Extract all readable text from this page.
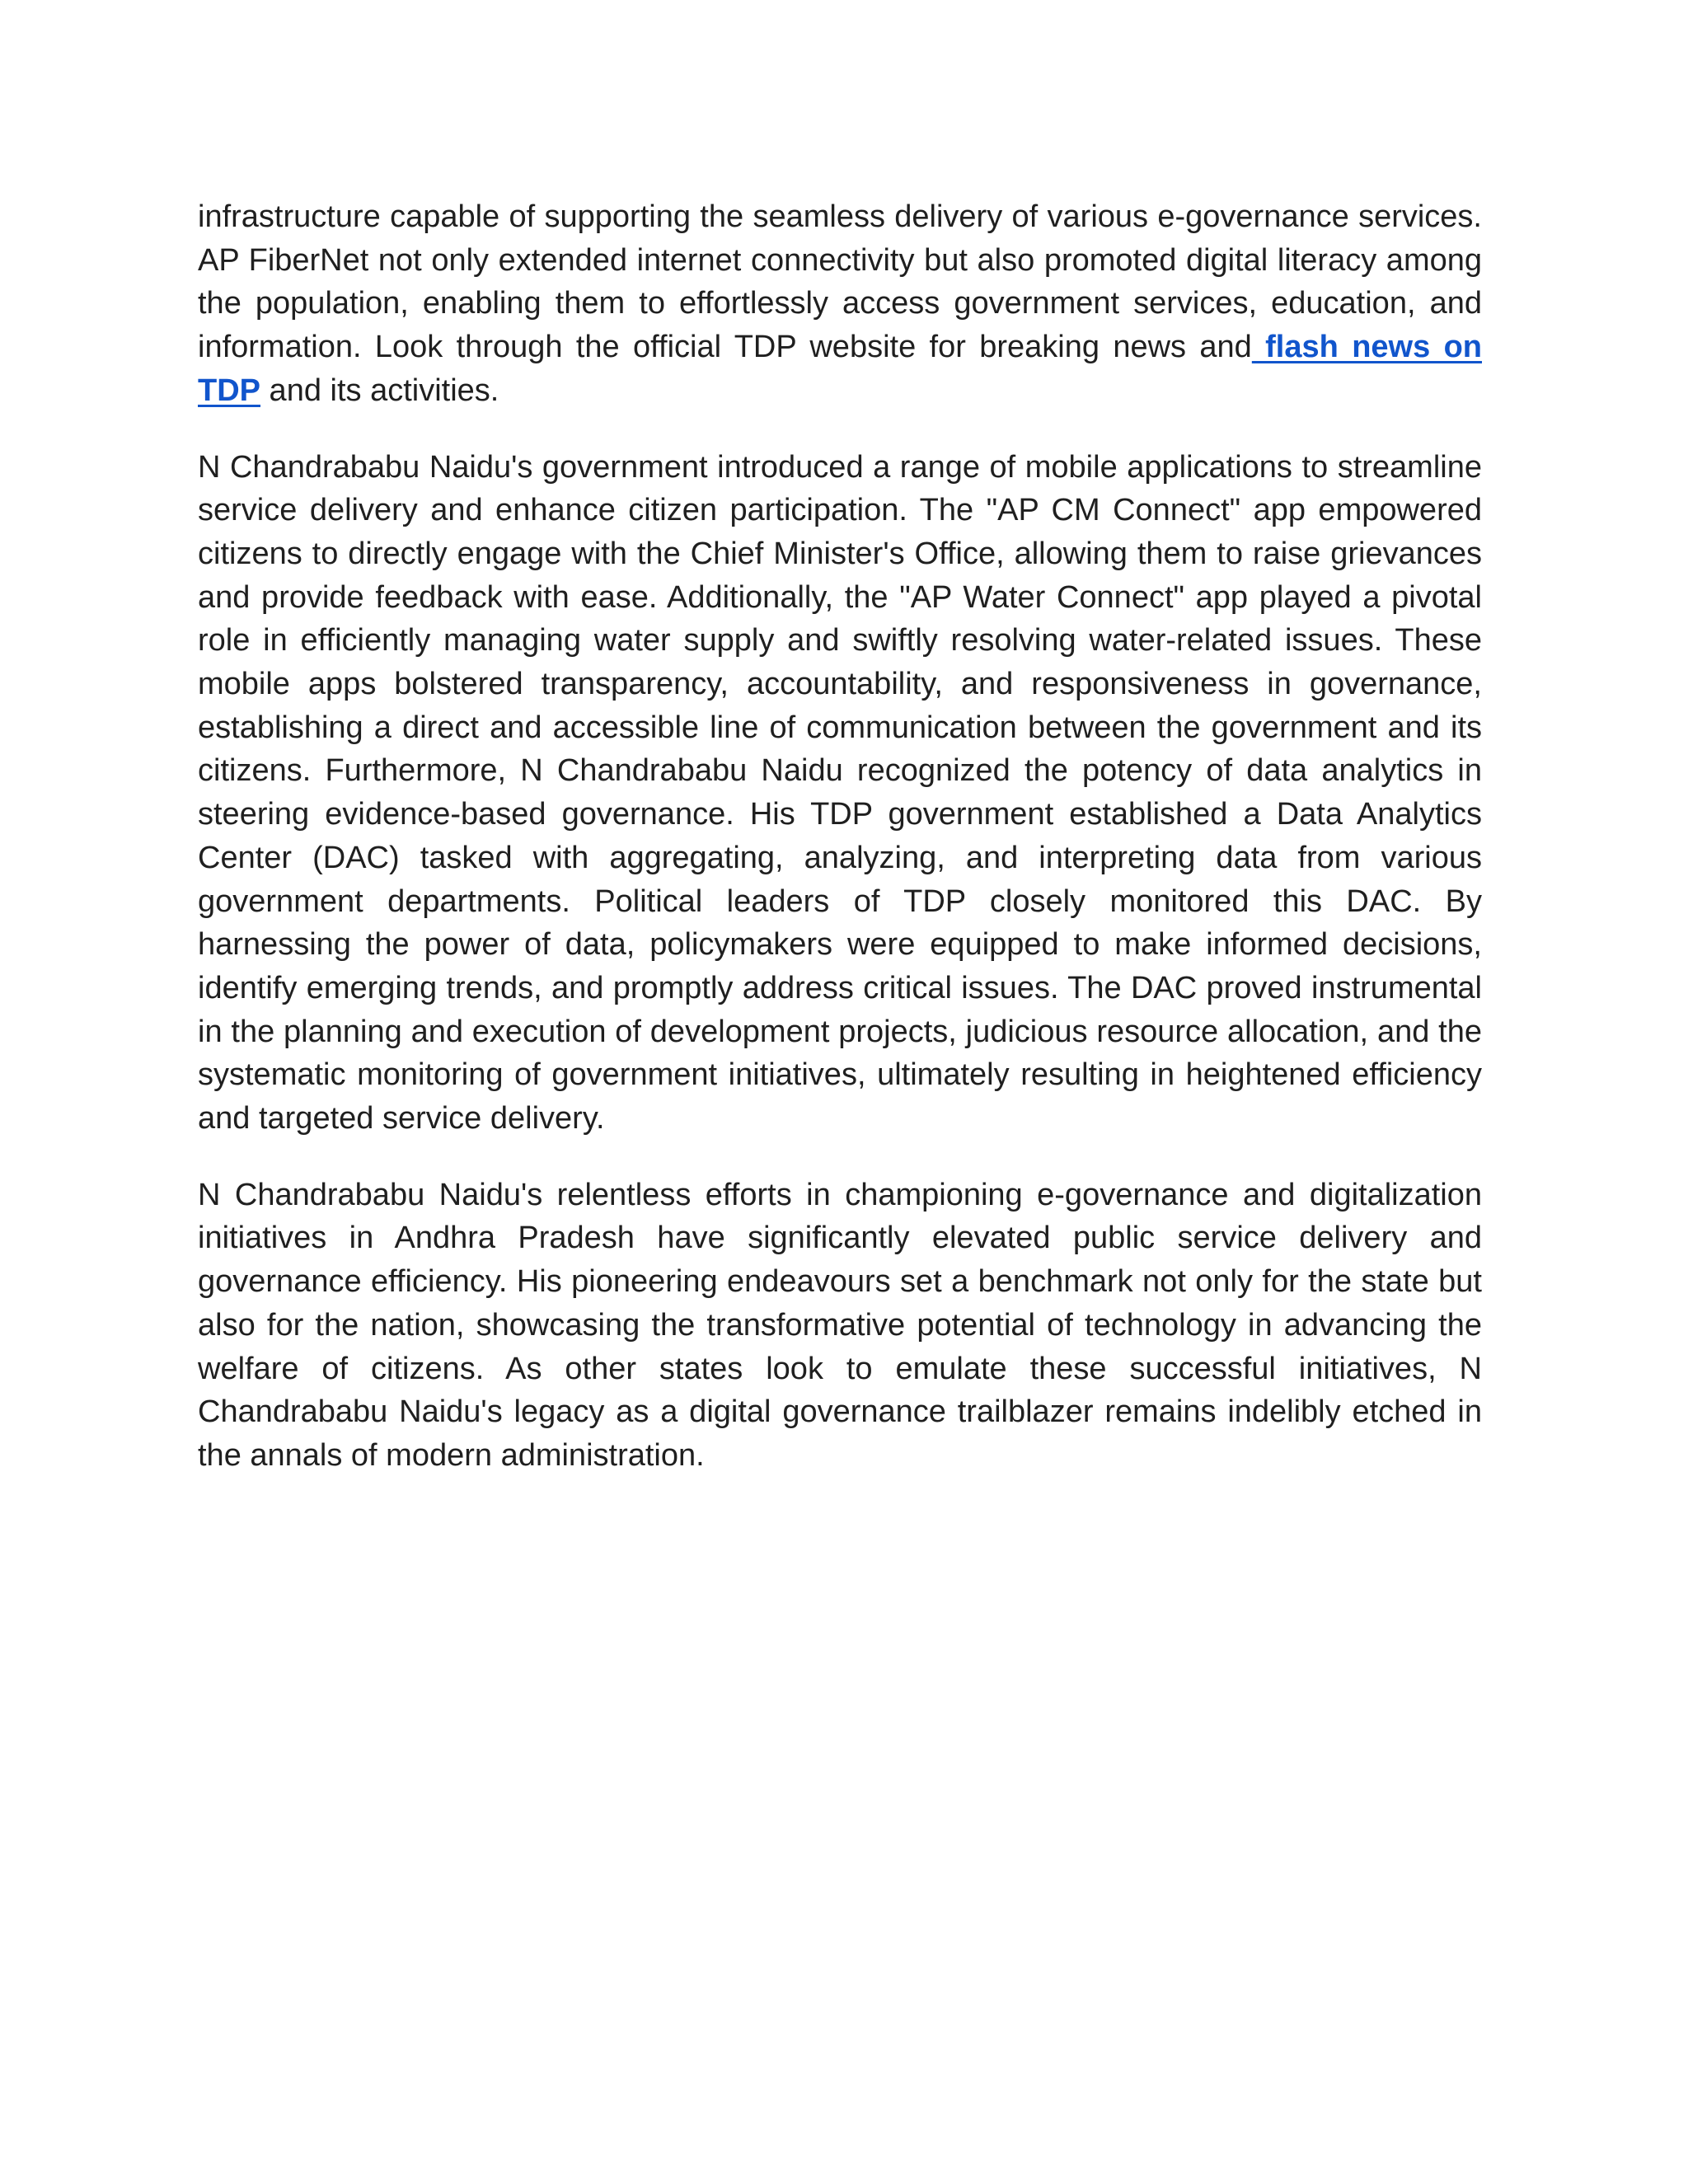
infrastructure capable of supporting the seamless delivery of various e-governance services. AP FiberNet not only extended internet connectivity but also promoted digital literacy among the population, enabling them to effortlessly access government services, education, and information. Look through the official TDP website for breaking news and flash news on TDP and its activities.

N Chandrababu Naidu's government introduced a range of mobile applications to streamline service delivery and enhance citizen participation. The "AP CM Connect" app empowered citizens to directly engage with the Chief Minister's Office, allowing them to raise grievances and provide feedback with ease. Additionally, the "AP Water Connect" app played a pivotal role in efficiently managing water supply and swiftly resolving water-related issues. These mobile apps bolstered transparency, accountability, and responsiveness in governance, establishing a direct and accessible line of communication between the government and its citizens. Furthermore, N Chandrababu Naidu recognized the potency of data analytics in steering evidence-based governance. His TDP government established a Data Analytics Center (DAC) tasked with aggregating, analyzing, and interpreting data from various government departments. Political leaders of TDP closely monitored this DAC. By harnessing the power of data, policymakers were equipped to make informed decisions, identify emerging trends, and promptly address critical issues. The DAC proved instrumental in the planning and execution of development projects, judicious resource allocation, and the systematic monitoring of government initiatives, ultimately resulting in heightened efficiency and targeted service delivery.

N Chandrababu Naidu's relentless efforts in championing e-governance and digitalization initiatives in Andhra Pradesh have significantly elevated public service delivery and governance efficiency. His pioneering endeavours set a benchmark not only for the state but also for the nation, showcasing the transformative potential of technology in advancing the welfare of citizens. As other states look to emulate these successful initiatives, N Chandrababu Naidu's legacy as a digital governance trailblazer remains indelibly etched in the annals of modern administration.
